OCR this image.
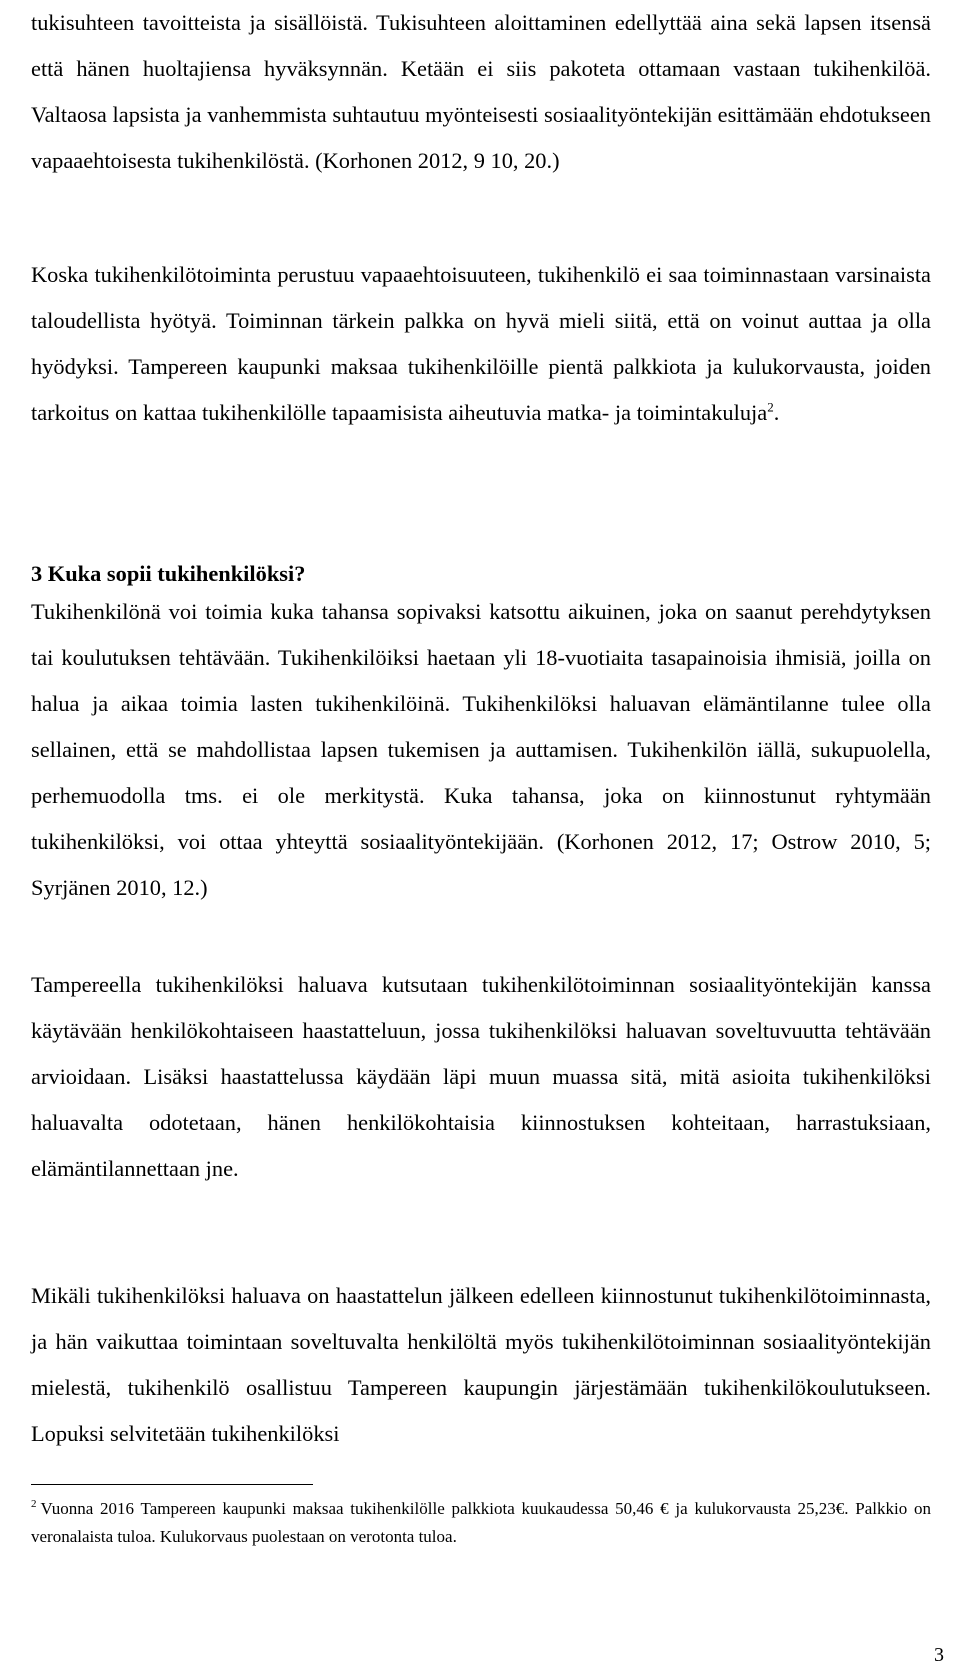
tukisuhteen tavoitteista ja sisällöistä. Tukisuhteen aloittaminen edellyttää aina sekä lapsen itsensä että hänen huoltajiensa hyväksynnän. Ketään ei siis pakoteta ottamaan vastaan tukihenkilöä. Valtaosa lapsista ja vanhemmista suhtautuu myönteisesti sosiaalityöntekijän esittämään ehdotukseen vapaaehtoisesta tukihenkilöstä. (Korhonen 2012, 9 10, 20.)

Koska tukihenkilötoiminta perustuu vapaaehtoisuuteen, tukihenkilö ei saa toiminnastaan varsinaista taloudellista hyötyä. Toiminnan tärkein palkka on hyvä mieli siitä, että on voinut auttaa ja olla hyödyksi. Tampereen kaupunki maksaa tukihenkilöille pientä palkkiota ja kulukorvausta, joiden tarkoitus on kattaa tukihenkilölle tapaamisista aiheutuvia matka- ja toimintakuluja$^2$.

3 Kuka sopii tukihenkilöksi?

Tukihenkilönä voi toimia kuka tahansa sopivaksi katsottu aikuinen, joka on saanut perehdytyksen tai koulutuksen tehtävään. Tukihenkilöiksi haetaan yli 18-vuotiaita tasapainoisia ihmisiä, joilla on halua ja aikaa toimia lasten tukihenkilöinä. Tukihenkilöksi haluavan elämäntilanne tulee olla sellainen, että se mahdollistaa lapsen tukemisen ja auttamisen. Tukihenkilön iällä, sukupuolella, perhemuodolla tms. ei ole merkitystä. Kuka tahansa, joka on kiinnostunut ryhtymään tukihenkilöksi, voi ottaa yhteyttä sosiaalityöntekijään. (Korhonen 2012, 17; Ostrow 2010, 5; Syrjänen 2010, 12.)

Tampereella tukihenkilöksi haluava kutsutaan tukihenkilötoiminnan sosiaalityöntekijän kanssa käytävään henkilökohtaiseen haastatteluun, jossa tukihenkilöksi haluavan soveltuvuutta tehtävään arvioidaan. Lisäksi haastattelussa käydään läpi muun muassa sitä, mitä asioita tukihenkilöksi haluavalta odotetaan, hänen henkilökohtaisia kiinnostuksen kohteitaan, harrastuksiaan, elämäntilannettaan jne.

Mikäli tukihenkilöksi haluava on haastattelun jälkeen edelleen kiinnostunut tukihenkilötoiminnasta, ja hän vaikuttaa toimintaan soveltuvalta henkilöltä myös tukihenkilötoiminnan sosiaalityöntekijän mielestä, tukihenkilö osallistuu Tampereen kaupungin järjestämään tukihenkilökoulutukseen. Lopuksi selvitetään tukihenkilöksi

$^2$ Vuonna 2016 Tampereen kaupunki maksaa tukihenkilölle palkkiota kuukaudessa 50,46 € ja kulukorvausta 25,23€. Palkkio on veronalaista tuloa. Kulukorvaus puolestaan on verotonta tuloa.

3
